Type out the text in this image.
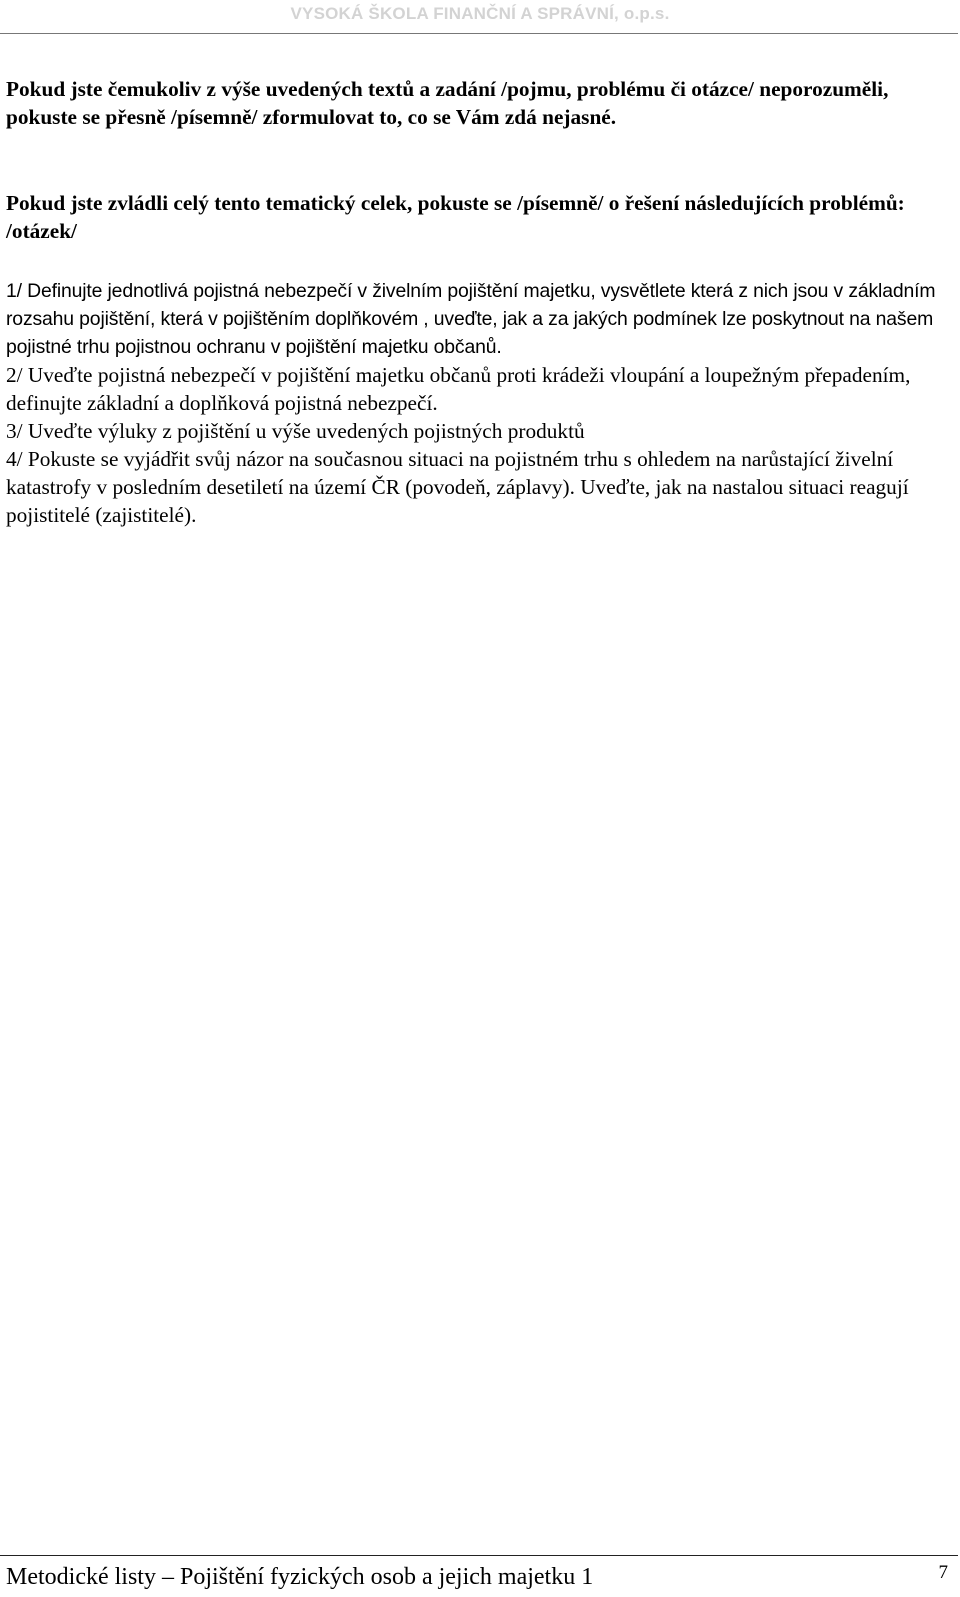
VYSOKÁ ŠKOLA FINANČNÍ A SPRÁVNÍ, o.p.s.

Pokud jste čemukoliv z výše uvedených textů a zadání /pojmu, problému či otázce/ neporozuměli, pokuste se přesně /písemně/ zformulovat to, co se Vám zdá nejasné.

Pokud jste zvládli celý tento tematický celek, pokuste se /písemně/ o řešení následujících problémů: /otázek/

1/ Definujte jednotlivá pojistná nebezpečí v živelním pojištění majetku, vysvětlete která z nich jsou v základním rozsahu pojištění, která v pojištěním doplňkovém , uveďte, jak a za jakých podmínek lze poskytnout na našem pojistné trhu pojistnou ochranu v pojištění majetku občanů.

2/ Uveďte pojistná nebezpečí v pojištění majetku občanů proti krádeži vloupání a loupežným přepadením, definujte základní a doplňková pojistná nebezpečí.

3/ Uveďte výluky z pojištění u výše uvedených pojistných produktů

4/ Pokuste se vyjádřit svůj názor na současnou situaci na pojistném trhu s ohledem na narůstající živelní katastrofy v posledním desetiletí na území ČR (povodeň, záplavy). Uveďte, jak na nastalou situaci reagují pojistitelé (zajistitelé).

Metodické listy – Pojištění fyzických osob a jejich majetku 1	7
